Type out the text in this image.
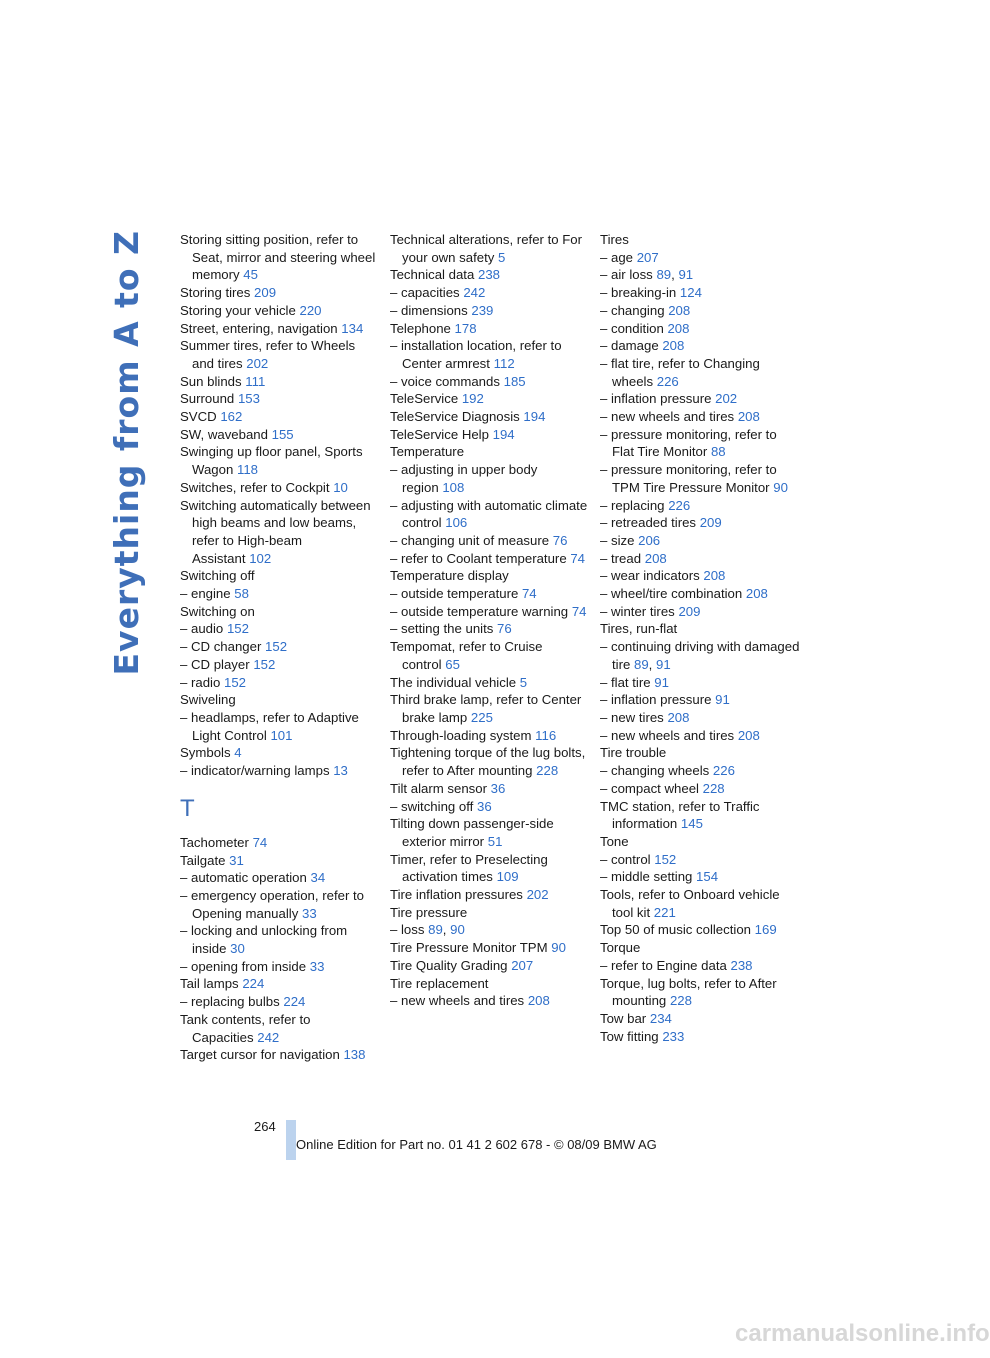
Everything from A to Z	Storing sitting position, refer to Seat, mirror and steering wheel memory 45
Storing tires 209
Storing your vehicle 220
Street, entering, navigation 134
Summer tires, refer to Wheels and tires 202
Sun blinds 111
Surround 153
SVCD 162
SW, waveband 155
Swinging up floor panel, Sports Wagon 118
Switches, refer to Cockpit 10
Switching automatically between high beams and low beams, refer to High-beam Assistant 102
Switching off
– engine 58
Switching on
– audio 152
– CD changer 152
– CD player 152
– radio 152
Swiveling
– headlamps, refer to Adaptive Light Control 101
Symbols 4
– indicator/warning lamps 13
T
Tachometer 74
Tailgate 31
– automatic operation 34
– emergency operation, refer to Opening manually 33
– locking and unlocking from inside 30
– opening from inside 33
Tail lamps 224
– replacing bulbs 224
Tank contents, refer to Capacities 242
Target cursor for navigation 138
Technical alterations, refer to For your own safety 5
Technical data 238
– capacities 242
– dimensions 239
Telephone 178
– installation location, refer to Center armrest 112
– voice commands 185
TeleService 192
TeleService Diagnosis 194
TeleService Help 194
Temperature
– adjusting in upper body region 108
– adjusting with automatic climate control 106
– changing unit of measure 76
– refer to Coolant temperature 74
Temperature display
– outside temperature 74
– outside temperature warning 74
– setting the units 76
Tempomat, refer to Cruise control 65
The individual vehicle 5
Third brake lamp, refer to Center brake lamp 225
Through-loading system 116
Tightening torque of the lug bolts, refer to After mounting 228
Tilt alarm sensor 36
– switching off 36
Tilting down passenger-side exterior mirror 51
Timer, refer to Preselecting activation times 109
Tire inflation pressures 202
Tire pressure
– loss 89, 90
Tire Pressure Monitor TPM 90
Tire Quality Grading 207
Tire replacement
– new wheels and tires 208
Tires
– age 207
– air loss 89, 91
– breaking-in 124
– changing 208
– condition 208
– damage 208
– flat tire, refer to Changing wheels 226
– inflation pressure 202
– new wheels and tires 208
– pressure monitoring, refer to Flat Tire Monitor 88
– pressure monitoring, refer to TPM Tire Pressure Monitor 90
– replacing 226
– retreaded tires 209
– size 206
– tread 208
– wear indicators 208
– wheel/tire combination 208
– winter tires 209
Tires, run-flat
– continuing driving with damaged tire 89, 91
– flat tire 91
– inflation pressure 91
– new tires 208
– new wheels and tires 208
Tire trouble
– changing wheels 226
– compact wheel 228
TMC station, refer to Traffic information 145
Tone
– control 152
– middle setting 154
Tools, refer to Onboard vehicle tool kit 221
Top 50 of music collection 169
Torque
– refer to Engine data 238
Torque, lug bolts, refer to After mounting 228
Tow bar 234
Tow fitting 233
264
Online Edition for Part no. 01 41 2 602 678 - © 08/09 BMW AG
carmanualsonline.info
